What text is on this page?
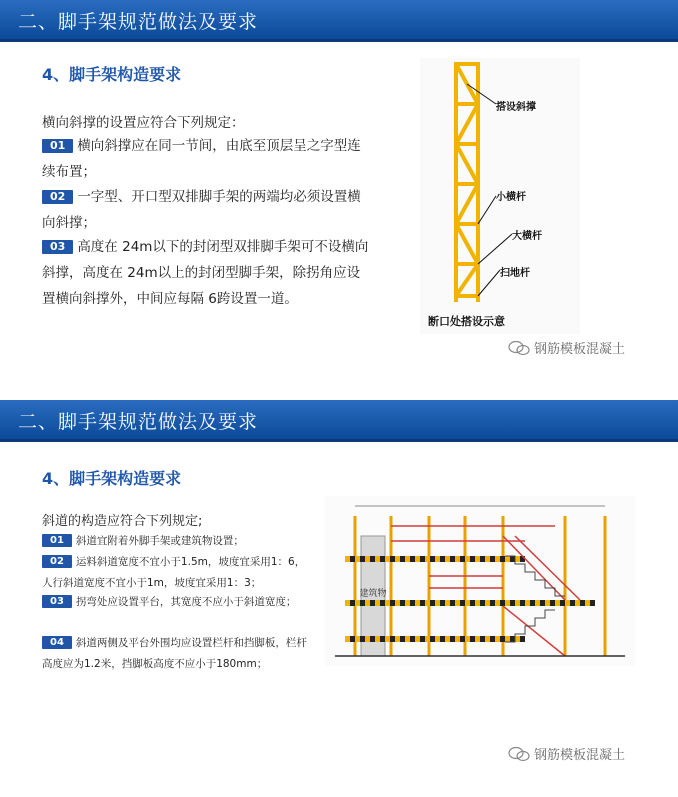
二、脚手架规范做法及要求
4、脚手架构造要求
横向斜撑的设置应符合下列规定：
01 横向斜撑应在同一节间，由底至顶层呈之字型连续布置；
02 一字型、开口型双排脚手架的两端均必须设置横向斜撑；
03 高度在 24m以下的封闭型双排脚手架可不设横向斜撑，高度在 24m以上的封闭型脚手架，除拐角应设置横向斜撑外，中间应每隔 6跨设置一道。
搭设斜撑
小横杆
大横杆
扫地杆
断口处搭设示意
钢筋模板混凝土
二、脚手架规范做法及要求
4、脚手架构造要求
斜道的构造应符合下列规定;
01 斜道宜附着外脚手架或建筑物设置；
02 运料斜道宽度不宜小于1.5m，坡度宜采用1：6，人行斜道宽度不宜小于1m，坡度宜采用1：3；
03 拐弯处应设置平台，其宽度不应小于斜道宽度；
04 斜道两侧及平台外围均应设置栏杆和挡脚板，栏杆高度应为1.2米，挡脚板高度不应小于180mm；
建筑物
钢筋模板混凝土
